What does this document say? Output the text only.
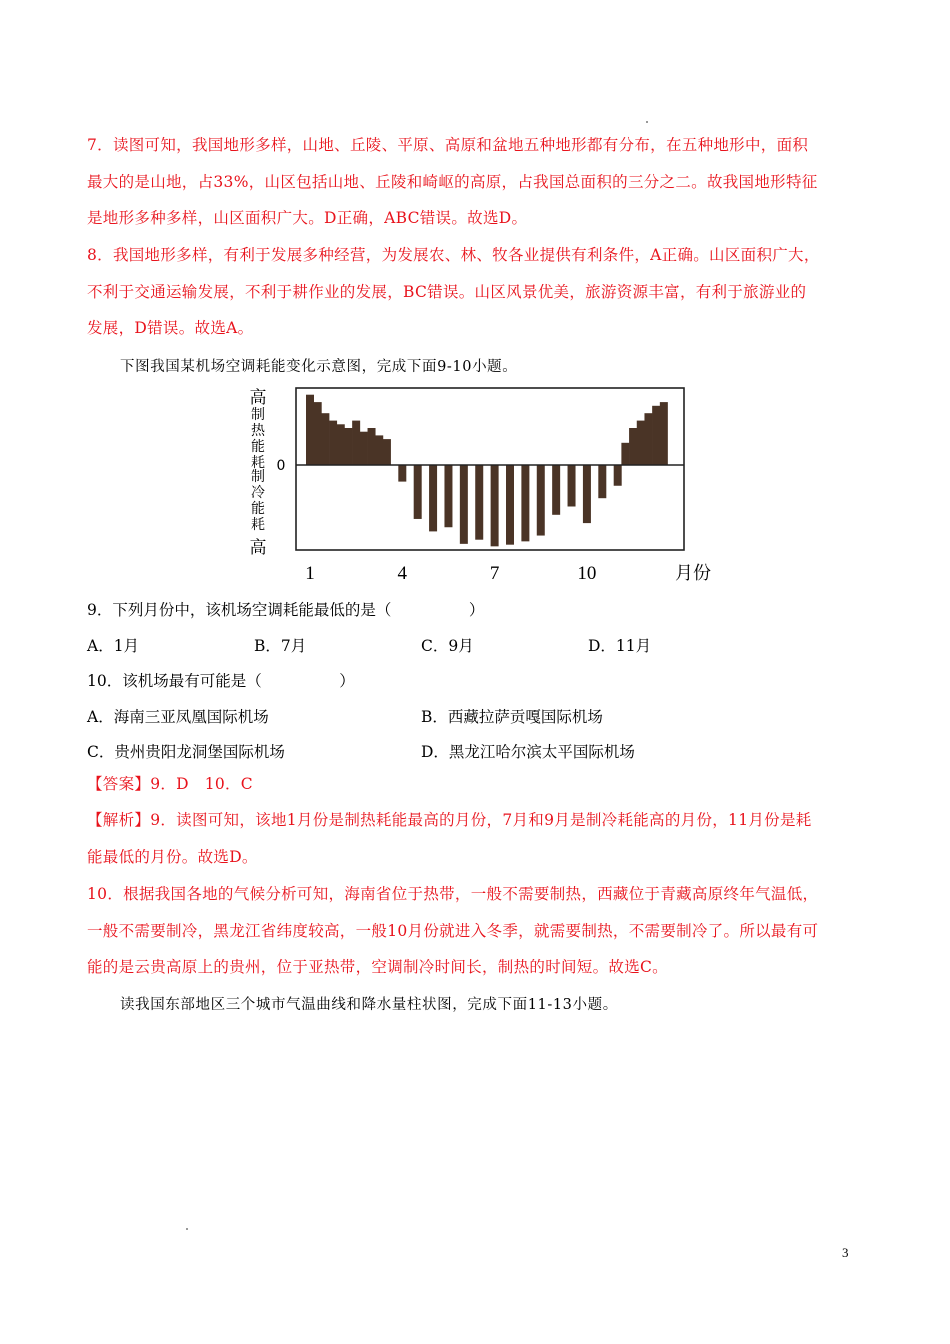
7．读图可知，我国地形多样，山地、丘陵、平原、高原和盆地五种地形都有分布，在五种地形中，面积
最大的是山地，占33%，山区包括山地、丘陵和崎岖的高原，占我国总面积的三分之二。故我国地形特征
是地形多种多样，山区面积广大。D正确，ABC错误。故选D。
8．我国地形多样，有利于发展多种经营，为发展农、林、牧各业提供有利条件，A正确。山区面积广大，
不利于交通运输发展，不利于耕作业的发展，BC错误。山区风景优美，旅游资源丰富，有利于旅游业的
发展，D错误。故选A。
下图我国某机场空调耗能变化示意图，完成下面9-10小题。
高
0
高
月份
制
热
能
耗
制
冷
能
耗
1	4	7	10
9．下列月份中，该机场空调耗能最低的是（　　　　　）
A．1月	B．7月	C．9月	D．11月
10．该机场最有可能是（　　　　　）
A．海南三亚凤凰国际机场	B．西藏拉萨贡嘎国际机场
C．贵州贵阳龙洞堡国际机场	D．黑龙江哈尔滨太平国际机场
【答案】9．D　10．C
【解析】9．读图可知，该地1月份是制热耗能最高的月份，7月和9月是制冷耗能高的月份，11月份是耗
能最低的月份。故选D。
10．根据我国各地的气候分析可知，海南省位于热带，一般不需要制热，西藏位于青藏高原终年气温低，
一般不需要制冷，黑龙江省纬度较高，一般10月份就进入冬季，就需要制热，不需要制冷了。所以最有可
能的是云贵高原上的贵州，位于亚热带，空调制冷时间长，制热的时间短。故选C。
读我国东部地区三个城市气温曲线和降水量柱状图，完成下面11-13小题。
3
